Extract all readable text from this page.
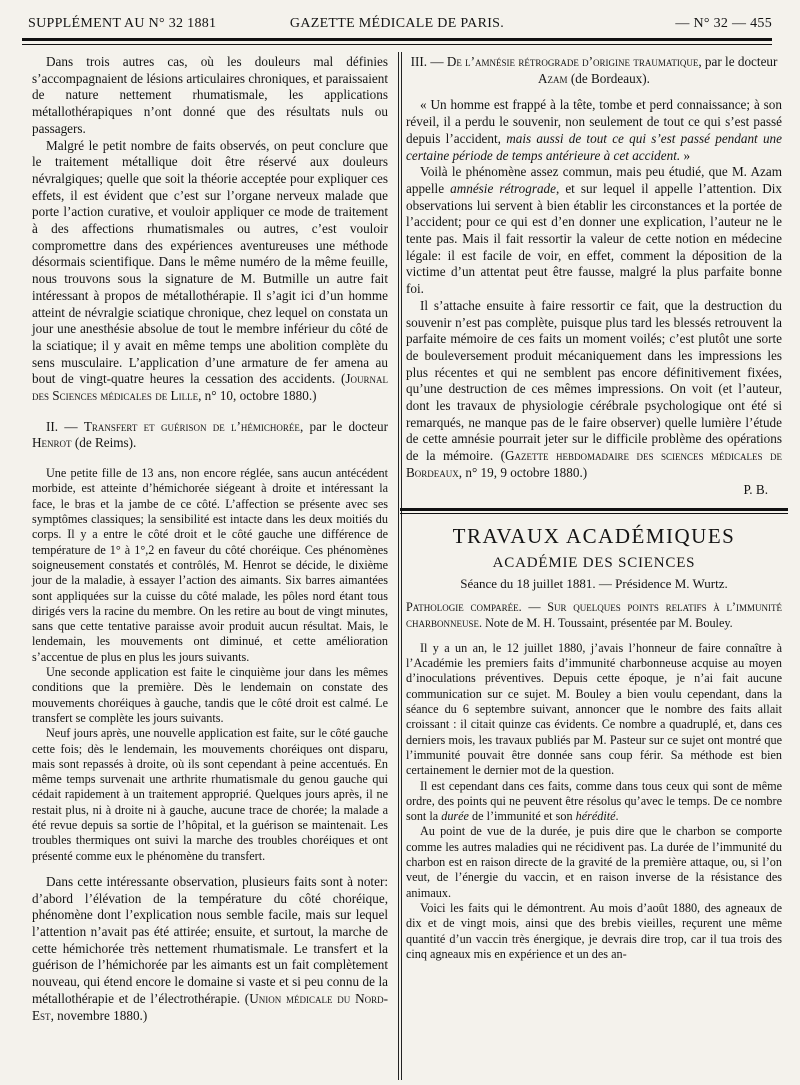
SUPPLÉMENT AU N° 32 1881	GAZETTE MÉDICALE DE PARIS.	— N° 32 — 455

Dans trois autres cas, où les douleurs mal définies s’accompagnaient de lésions articulaires chroniques, et paraissaient de nature nettement rhumatismale, les applications métallothérapiques n’ont donné que des résultats nuls ou passagers.

Malgré le petit nombre de faits observés, on peut conclure que le traitement métallique doit être réservé aux douleurs névralgiques; quelle que soit la théorie acceptée pour expliquer ces effets, il est évident que c’est sur l’organe nerveux malade que porte l’action curative, et vouloir appliquer ce mode de traitement à des affections rhumatismales ou autres, c’est vouloir compromettre dans des expériences aventureuses une méthode désormais scientifique. Dans le même numéro de la même feuille, nous trouvons sous la signature de M. Butmille un autre fait intéressant à propos de métallothérapie. Il s’agit ici d’un homme atteint de névralgie sciatique chronique, chez lequel on constata un jour une anesthésie absolue de tout le membre inférieur du côté de la sciatique; il y avait en même temps une abolition complète du sens musculaire. L’application d’une armature de fer amena au bout de vingt-quatre heures la cessation des accidents. (Journal des Sciences médicales de Lille, n° 10, octobre 1880.)

II. — Transfert et guérison de l’hémichorée, par le docteur Henrot (de Reims).

Une petite fille de 13 ans, non encore réglée, sans aucun antécédent morbide, est atteinte d’hémichorée siégeant à droite et intéressant la face, le bras et la jambe de ce côté. L’affection se présente avec ses symptômes classiques; la sensibilité est intacte dans les deux moitiés du corps. Il y a entre le côté droit et le côté gauche une différence de température de 1° à 1°,2 en faveur du côté choréique. Ces phénomènes soigneusement constatés et contrôlés, M. Henrot se décide, le dixième jour de la maladie, à essayer l’action des aimants. Six barres aimantées sont appliquées sur la cuisse du côté malade, les pôles nord étant tous dirigés vers la racine du membre. On les retire au bout de vingt minutes, sans que cette tentative paraisse avoir produit aucun résultat. Mais, le lendemain, les mouvements ont diminué, et cette amélioration s’accentue de plus en plus les jours suivants.

Une seconde application est faite le cinquième jour dans les mêmes conditions que la première. Dès le lendemain on constate des mouvements choréiques à gauche, tandis que le côté droit est calmé. Le transfert se complète les jours suivants.

Neuf jours après, une nouvelle application est faite, sur le côté gauche cette fois; dès le lendemain, les mouvements choréiques ont disparu, mais sont repassés à droite, où ils sont cependant à peine accentués. En même temps survenait une arthrite rhumatismale du genou gauche qui cédait rapidement à un traitement approprié. Quelques jours après, il ne restait plus, ni à droite ni à gauche, aucune trace de chorée; la malade a été revue depuis sa sortie de l’hôpital, et la guérison se maintenait. Les troubles thermiques ont suivi la marche des troubles choréiques et ont présenté comme eux le phénomène du transfert.

Dans cette intéressante observation, plusieurs faits sont à noter: d’abord l’élévation de la température du côté choréique, phénomène dont l’explication nous semble facile, mais sur lequel l’attention n’avait pas été attirée; ensuite, et surtout, la marche de cette hémichorée très nettement rhumatismale. Le transfert et la guérison de l’hémichorée par les aimants est un fait complètement nouveau, qui étend encore le domaine si vaste et si peu connu de la métallothérapie et de l’électrothérapie. (Union médicale du Nord-Est, novembre 1880.)

III. — De l’amnésie rétrograde d’origine traumatique, par le docteur Azam (de Bordeaux).

« Un homme est frappé à la tête, tombe et perd connaissance; à son réveil, il a perdu le souvenir, non seulement de tout ce qui s’est passé depuis l’accident, mais aussi de tout ce qui s’est passé pendant une certaine période de temps antérieure à cet accident. »

Voilà le phénomène assez commun, mais peu étudié, que M. Azam appelle amnésie rétrograde, et sur lequel il appelle l’attention. Dix observations lui servent à bien établir les circonstances et la portée de l’accident; pour ce qui est d’en donner une explication, l’auteur ne le tente pas. Mais il fait ressortir la valeur de cette notion en médecine légale: il est facile de voir, en effet, comment la déposition de la victime d’un attentat peut être fausse, malgré la plus parfaite bonne foi.

Il s’attache ensuite à faire ressortir ce fait, que la destruction du souvenir n’est pas complète, puisque plus tard les blessés retrouvent la parfaite mémoire de ces faits un moment voilés; c’est plutôt une sorte de bouleversement produit mécaniquement dans les impressions les plus récentes et qui ne semblent pas encore définitivement fixées, qu’une destruction de ces mêmes impressions. On voit (et l’auteur, dont les travaux de physiologie cérébrale psychologique ont été si remarqués, ne manque pas de le faire observer) quelle lumière l’étude de cette amnésie pourrait jeter sur le difficile problème des opérations de la mémoire. (Gazette hebdomadaire des sciences médicales de Bordeaux, n° 19, 9 octobre 1880.)

P. B.

TRAVAUX ACADÉMIQUES
ACADÉMIE DES SCIENCES
Séance du 18 juillet 1881. — Présidence M. Wurtz.

Pathologie comparée. — Sur quelques points relatifs à l’immunité charbonneuse. Note de M. H. Toussaint, présentée par M. Bouley.

Il y a un an, le 12 juillet 1880, j’avais l’honneur de faire connaître à l’Académie les premiers faits d’immunité charbonneuse acquise au moyen d’inoculations préventives. Depuis cette époque, je n’ai fait aucune communication sur ce sujet. M. Bouley a bien voulu cependant, dans la séance du 6 septembre suivant, annoncer que le nombre des faits allait croissant : il citait quinze cas évidents. Ce nombre a quadruplé, et, dans ces derniers mois, les travaux publiés par M. Pasteur sur ce sujet ont montré que l’immunité pouvait être donnée sans coup férir. Sa méthode est bien certainement le dernier mot de la question.

Il est cependant dans ces faits, comme dans tous ceux qui sont de même ordre, des points qui ne peuvent être résolus qu’avec le temps. De ce nombre sont la durée de l’immunité et son hérédité.

Au point de vue de la durée, je puis dire que le charbon se comporte comme les autres maladies qui ne récidivent pas. La durée de l’immunité du charbon est en raison directe de la gravité de la première attaque, ou, si l’on veut, de l’énergie du vaccin, et en raison inverse de la résistance des animaux.

Voici les faits qui le démontrent. Au mois d’août 1880, des agneaux de dix et de vingt mois, ainsi que des brebis vieilles, reçurent une même quantité d’un vaccin très énergique, je devrais dire trop, car il tua trois des cinq agneaux mis en expérience et un des an-
